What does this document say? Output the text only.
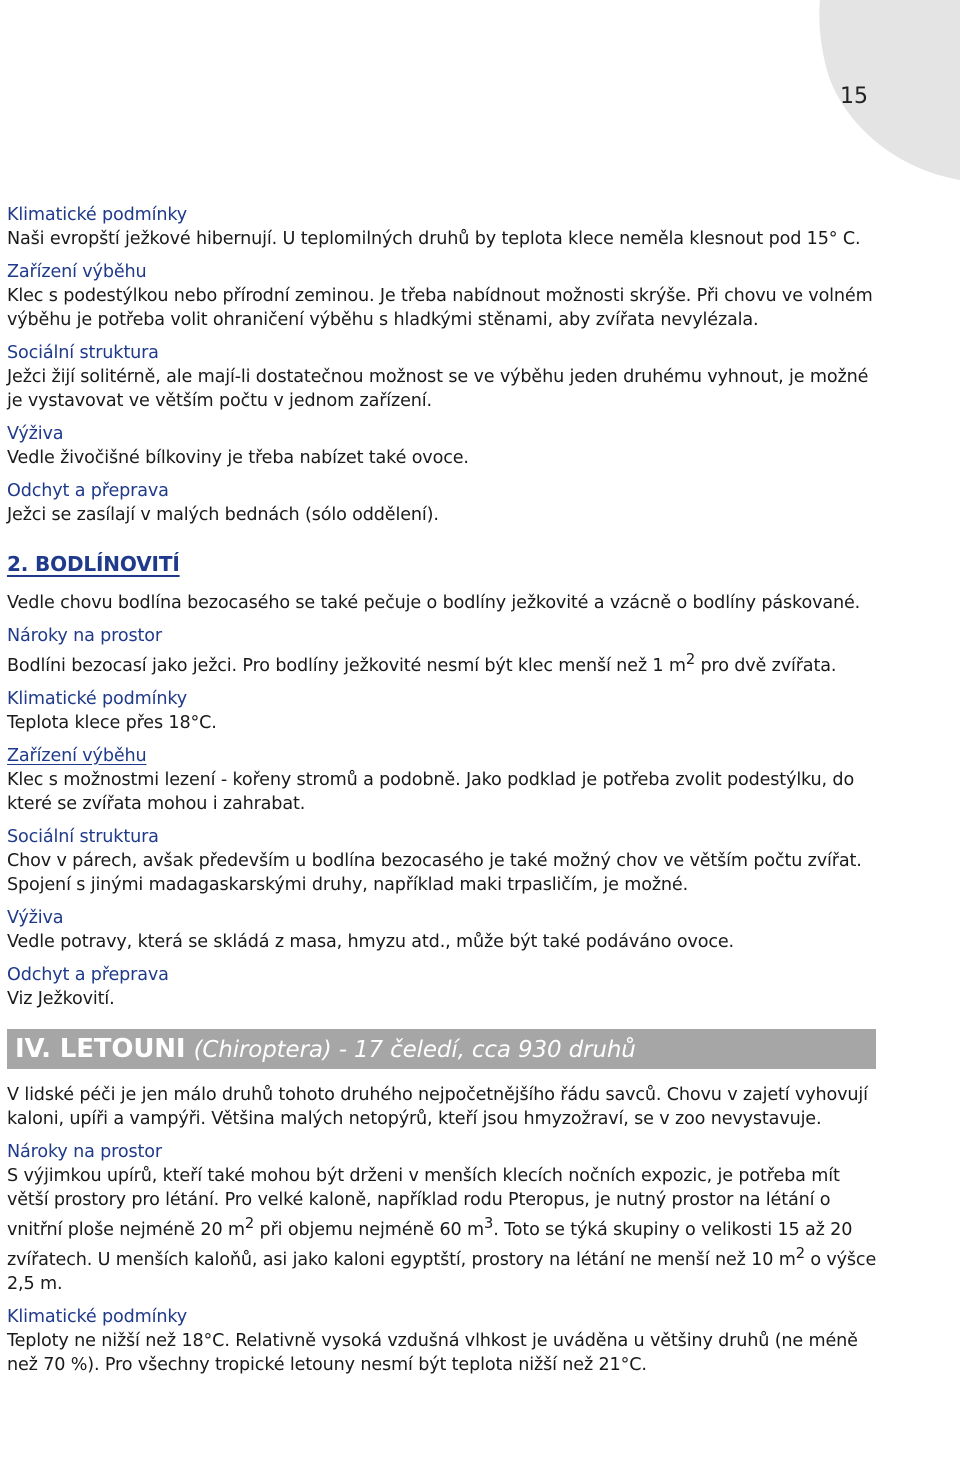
15

Klimatické podmínky

Naši evropští ježkové hibernují. U teplomilných druhů by teplota klece neměla klesnout pod 15° C.

Zařízení výběhu

Klec s podestýlkou nebo přírodní zeminou. Je třeba nabídnout možnosti skrýše. Při chovu ve volném výběhu je potřeba volit ohraničení výběhu s hladkými stěnami, aby zvířata nevylézala.

Sociální struktura

Ježci žijí solitérně, ale mají-li dostatečnou možnost se ve výběhu jeden druhému vyhnout, je možné je vystavovat ve větším počtu v jednom zařízení.

Výživa

Vedle živočišné bílkoviny je třeba nabízet také ovoce.

Odchyt a přeprava

Ježci se zasílají v malých bednách (sólo oddělení).

2. BODLÍNOVITÍ

Vedle chovu bodlína bezocasého se také pečuje o bodlíny ježkovité a vzácně o bodlíny páskované.

Nároky na prostor

Bodlíni bezocasí jako ježci. Pro bodlíny ježkovité nesmí být klec menší než 1 $m^2$ pro dvě zvířata.

Klimatické podmínky

Teplota klece přes 18°C.

Zařízení výběhu

Klec s možnostmi lezení - kořeny stromů a podobně. Jako podklad je potřeba zvolit podestýlku, do které se zvířata mohou i zahrabat.

Sociální struktura

Chov v párech, avšak především u bodlína bezocasého je také možný chov ve větším počtu zvířat. Spojení s jinými madagaskarskými druhy, například maki trpasličím, je možné.

Výživa

Vedle potravy, která se skládá z masa, hmyzu atd., může být také podáváno ovoce.

Odchyt a přeprava

Viz Ježkovití.

IV. LETOUNI (Chiroptera) - 17 čeledí, cca 930 druhů

V lidské péči je jen málo druhů tohoto druhého nejpočetnějšího řádu savců. Chovu v zajetí vyhovují kaloni, upíři a vampýři. Většina malých netopýrů, kteří jsou hmyzožraví, se v zoo nevystavuje.

Nároky na prostor

S výjimkou upírů, kteří také mohou být drženi v menších klecích nočních expozic, je potřeba mít větší prostory pro létání. Pro velké kaloně, například rodu Pteropus, je nutný prostor na létání o vnitřní ploše nejméně 20 $m^2$ při objemu nejméně 60 $m^3$. Toto se týká skupiny o velikosti 15 až 20 zvířatech. U menších kaloňů, asi jako kaloni egyptští, prostory na létání ne menší než 10 $m^2$ o výšce 2,5 m.

Klimatické podmínky

Teploty ne nižší než 18°C. Relativně vysoká vzdušná vlhkost je uváděna u většiny druhů (ne méně než 70 %). Pro všechny tropické letouny nesmí být teplota nižší než 21°C.
